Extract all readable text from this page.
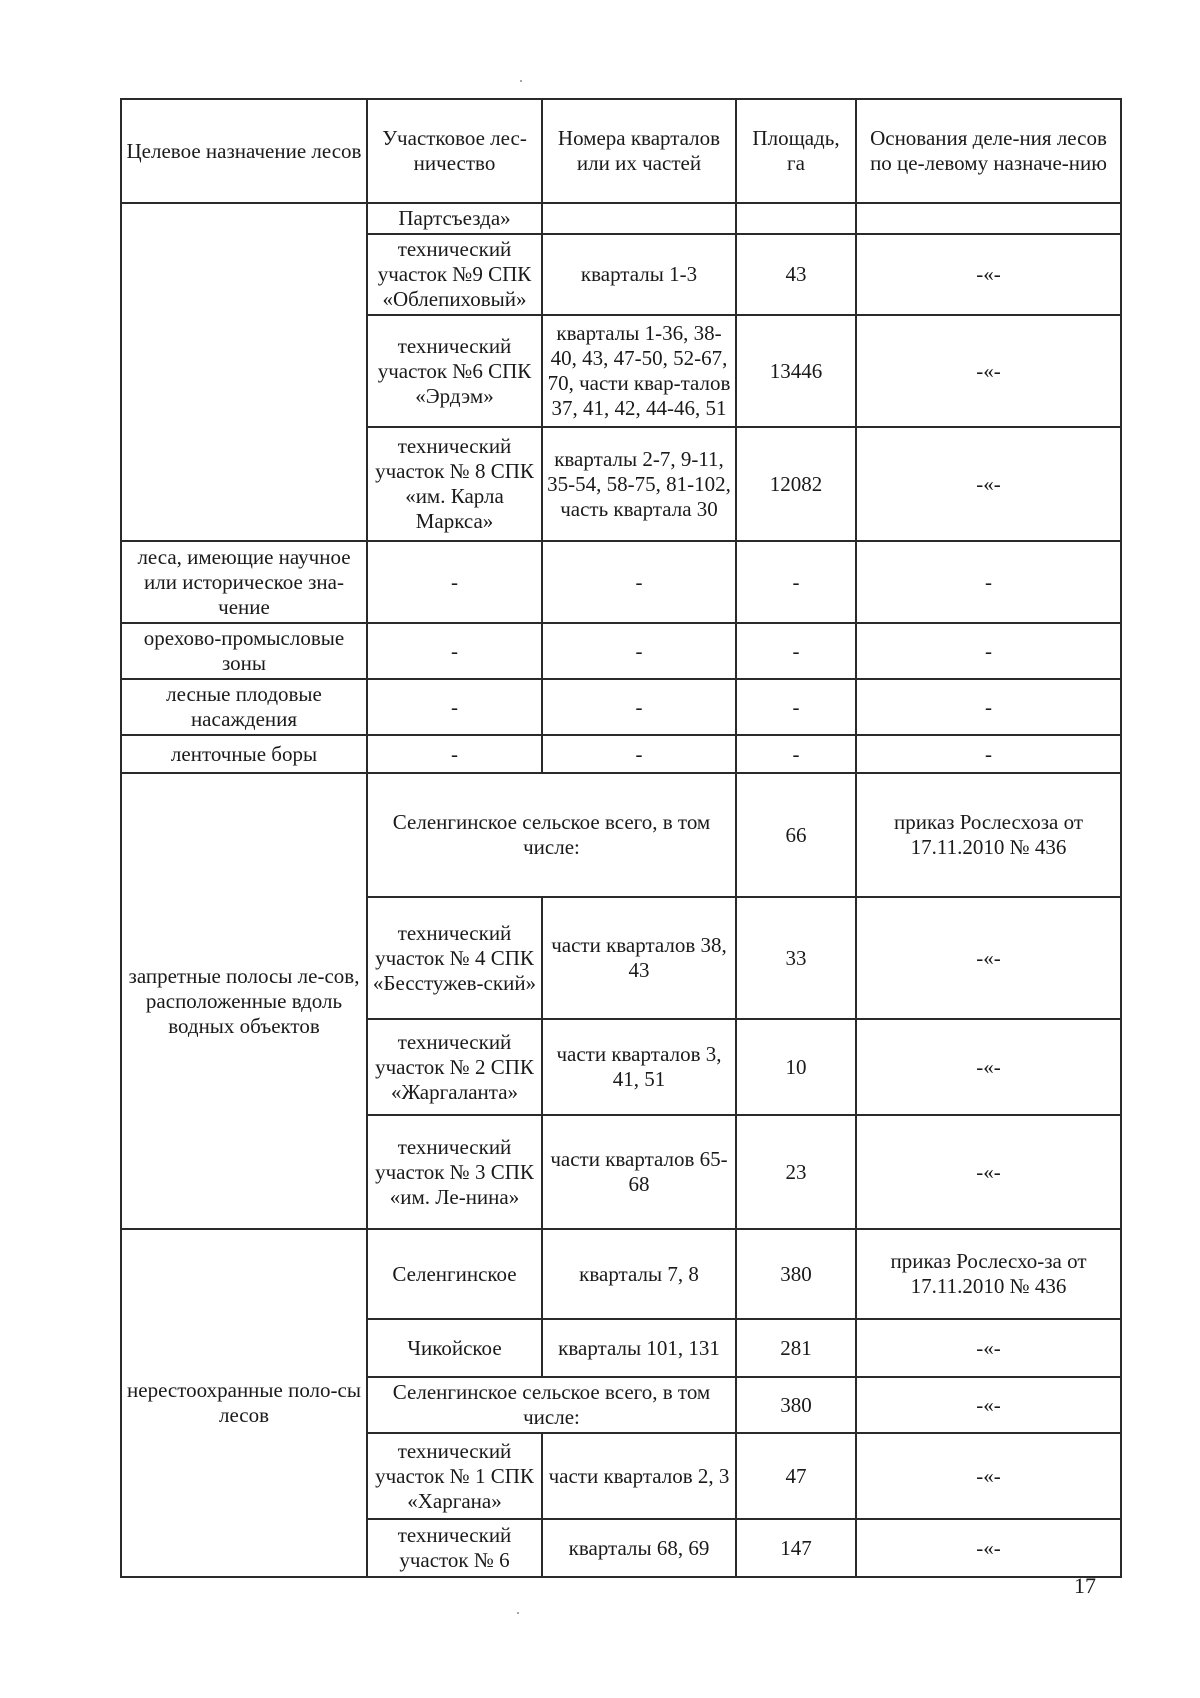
Целевое назначение лесов	Участковое лес-ничество	Номера кварталов или их частей	Площадь, га	Основания деле-ния лесов по це-левому назначе-нию
	Партсъезда»			
	технический участок №9 СПК «Облепиховый»	кварталы 1-3	43	-«-
	технический участок №6 СПК «Эрдэм»	кварталы 1-36, 38-40, 43, 47-50, 52-67, 70, части квар-талов 37, 41, 42, 44-46, 51	13446	-«-
	технический участок № 8 СПК «им. Карла Маркса»	кварталы 2-7, 9-11, 35-54, 58-75, 81-102, часть квартала 30	12082	-«-
леса, имеющие научное или историческое зна-чение	-	-	-	-
орехово-промысловые зоны	-	-	-	-
лесные плодовые насаждения	-	-	-	-
ленточные боры	-	-	-	-
запретные полосы ле-сов, расположенные вдоль водных объектов	Селенгинское сельское всего, в том числе:		66	приказ Рослесхоза от 17.11.2010 № 436
	технический участок № 4 СПК «Бесстужев-ский»	части кварталов 38, 43	33	-«-
	технический участок № 2 СПК «Жаргаланта»	части кварталов 3, 41, 51	10	-«-
	технический участок № 3 СПК «им. Ле-нина»	части кварталов 65-68	23	-«-
нерестоохранные поло-сы лесов	Селенгинское	кварталы 7, 8	380	приказ Рослесхо-за от 17.11.2010 № 436
	Чикойское	кварталы 101, 131	281	-«-
	Селенгинское сельское всего, в том числе:		380	-«-
	технический участок № 1 СПК «Харгана»	части кварталов 2, 3	47	-«-
	технический участок № 6	кварталы 68, 69	147	-«-
17
